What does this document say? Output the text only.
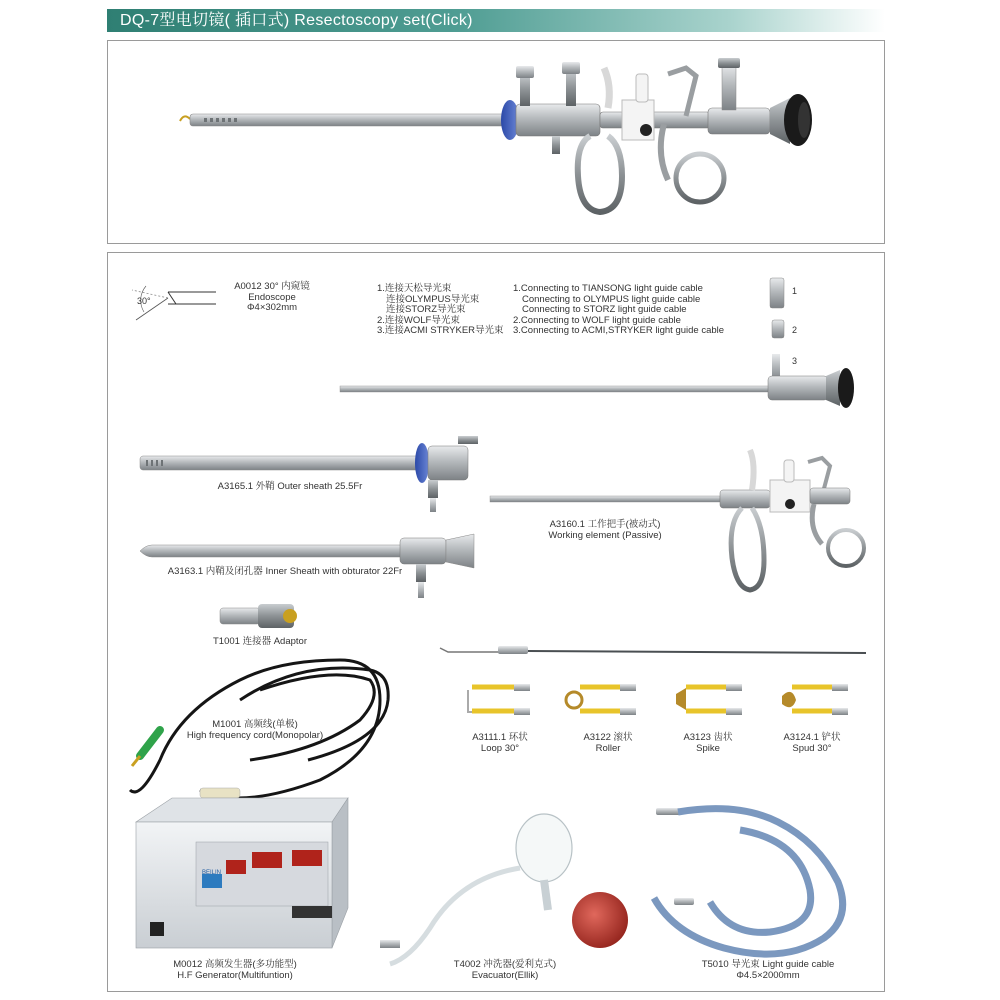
DQ-7型电切镜( 插口式) Resectoscopy set(Click)
A0012 30° 内窥镜
Endoscope
Φ4×302mm
30°
1.连接天松导光束
连接OLYMPUS导光束
连接STORZ导光束
2.连接WOLF导光束
3.连接ACMI STRYKER导光束
1.Connecting to TIANSONG light guide cable
Connecting to OLYMPUS light guide cable
Connecting to STORZ light guide cable
2.Connecting to WOLF light guide cable
3.Connecting to ACMI,STRYKER light guide cable
1
2
3
A3165.1 外鞘 Outer sheath 25.5Fr
A3160.1 工作把手(被动式)
Working element (Passive)
A3163.1 内鞘及闭孔器 Inner Sheath with obturator 22Fr
T1001 连接器 Adaptor
M1001 高频线(单极)
High frequency cord(Monopolar)	A3111.1 环状
Loop 30°
A3122 滚状
Roller
A3123 齿状
Spike
A3124.1 铲状
Spud 30°
BEILIN
M0012 高频发生器(多功能型)
H.F Generator(Multifuntion)
T4002 冲洗器(爱利克式)
Evacuator(Ellik)
T5010 导光束 Light guide cable
Φ4.5×2000mm
